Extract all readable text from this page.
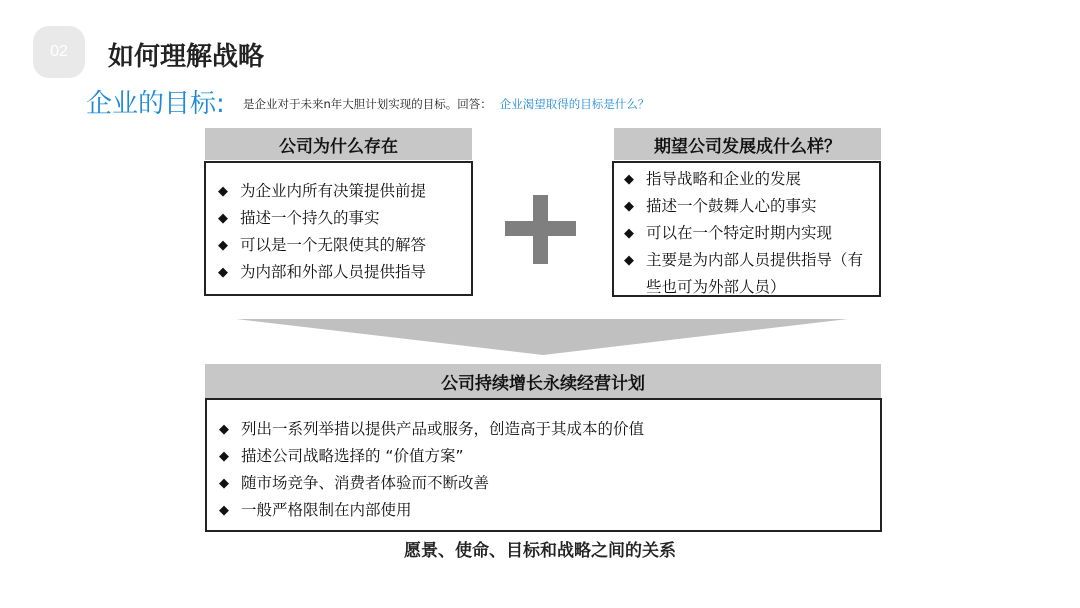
02	如何理解战略
企业的目标: 是企业对于未来n年大胆计划实现的目标。回答： 企业渴望取得的目标是什么？
公司为什么存在
◆ 为企业内所有决策提供前提
◆ 描述一个持久的事实
◆ 可以是一个无限使其的解答
◆ 为内部和外部人员提供指导
期望公司发展成什么样？
◆ 指导战略和企业的发展
◆ 描述一个鼓舞人心的事实
◆ 可以在一个特定时期内实现
◆ 主要是为内部人员提供指导（有些也可为外部人员）
公司持续增长永续经营计划
◆ 列出一系列举措以提供产品或服务，创造高于其成本的价值
◆ 描述公司战略选择的 “价值方案”
◆ 随市场竞争、消费者体验而不断改善
◆ 一般严格限制在内部使用
愿景、使命、目标和战略之间的关系
